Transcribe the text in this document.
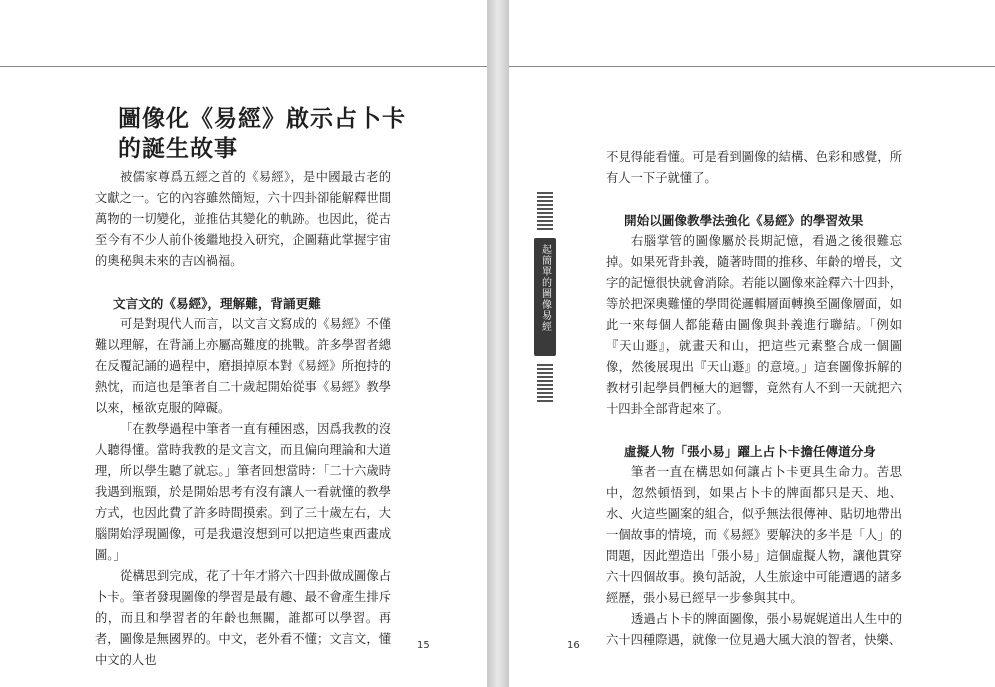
圖像化《易經》啟示占卜卡的誕生故事

被儒家尊爲五經之首的《易經》，是中國最古老的文獻之一。它的內容雖然簡短，六十四卦卻能解釋世間萬物的一切變化，並推估其變化的軌跡。也因此，從古至今有不少人前仆後繼地投入研究，企圖藉此掌握宇宙的奧秘與未來的吉凶禍福。

文言文的《易經》，理解難，背誦更難

可是對現代人而言，以文言文寫成的《易經》不僅難以理解，在背誦上亦屬高難度的挑戰。許多學習者總在反覆記誦的過程中，磨損掉原本對《易經》所抱持的熱忱，而這也是筆者自二十歲起開始從事《易經》教學以來，極欲克服的障礙。

「在教學過程中筆者一直有種困惑，因爲我教的沒人聽得懂。當時我教的是文言文，而且偏向理論和大道理，所以學生聽了就忘。」筆者回想當時：「二十六歲時我遇到瓶頸，於是開始思考有沒有讓人一看就懂的教學方式，也因此費了許多時間摸索。到了三十歲左右，大腦開始浮現圖像，可是我還沒想到可以把這些東西畫成圖。」

從構思到完成，花了十年才將六十四卦做成圖像占卜卡。筆者發現圖像的學習是最有趣、最不會產生排斥的，而且和學習者的年齡也無關，誰都可以學習。再者，圖像是無國界的。中文，老外看不懂；文言文，懂中文的人也

15	16
起簡單的圖像易經

不見得能看懂。可是看到圖像的結構、色彩和感覺，所有人一下子就懂了。

開始以圖像教學法強化《易經》的學習效果

右腦掌管的圖像屬於長期記憶，看過之後很難忘掉。如果死背卦義，隨著時間的推移、年齡的增長，文字的記憶很快就會消除。若能以圖像來詮釋六十四卦，等於把深奧難懂的學問從邏輯層面轉換至圖像層面，如此一來每個人都能藉由圖像與卦義進行聯結。「例如『天山遯』，就畫天和山，把這些元素整合成一個圖像，然後展現出『天山遯』的意境。」這套圖像拆解的教材引起學員們極大的迴響，竟然有人不到一天就把六十四卦全部背起來了。

虛擬人物「張小易」躍上占卜卡擔任傳道分身

筆者一直在構思如何讓占卜卡更具生命力。苦思中，忽然頓悟到，如果占卜卡的牌面都只是天、地、水、火這些圖案的組合，似乎無法很傳神、貼切地帶出一個故事的情境，而《易經》要解決的多半是「人」的問題，因此塑造出「張小易」這個虛擬人物，讓他貫穿六十四個故事。換句話說，人生旅途中可能遭遇的諸多經歷，張小易已經早一步參與其中。

透過占卜卡的牌面圖像，張小易娓娓道出人生中的六十四種際遇，就像一位見過大風大浪的智者，快樂、
